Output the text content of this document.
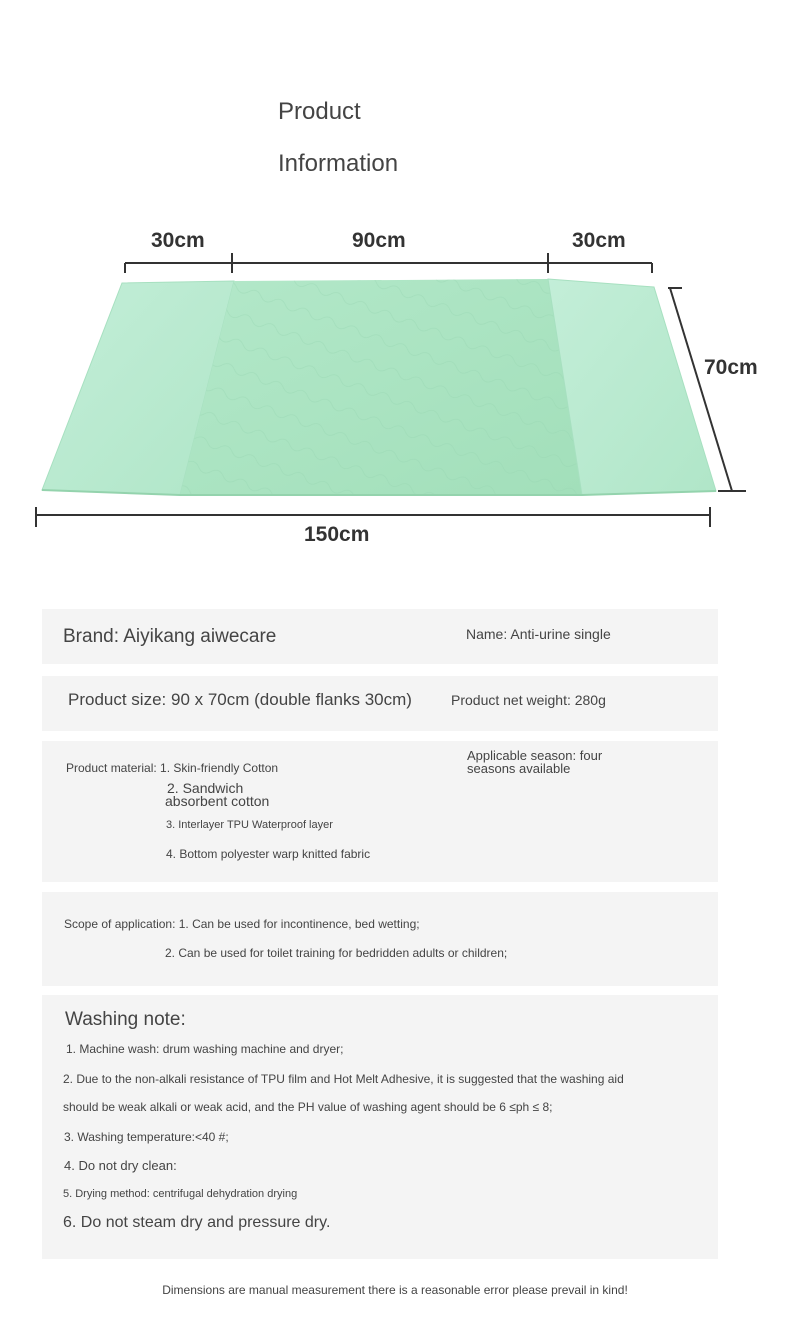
Product
Information
30cm	90cm	30cm
70cm
150cm
Brand: Aiyikang aiwecare	Name: Anti-urine single
Product size: 90 x 70cm (double flanks 30cm)	Product net weight: 280g
Product material: 1. Skin-friendly Cotton
2. Sandwich
absorbent cotton
3. Interlayer TPU Waterproof layer
4. Bottom polyester warp knitted fabric
Applicable season: four
seasons available
Scope of application: 1. Can be used for incontinence, bed wetting;
2. Can be used for toilet training for bedridden adults or children;
Washing note:
1. Machine wash: drum washing machine and dryer;
2. Due to the non-alkali resistance of TPU film and Hot Melt Adhesive, it is suggested that the washing aid
should be weak alkali or weak acid, and the PH value of washing agent should be 6 ≤ph ≤ 8;
3. Washing temperature:<40 #;
4. Do not dry clean:
5. Drying method: centrifugal dehydration drying
6. Do not steam dry and pressure dry.
Dimensions are manual measurement there is a reasonable error please prevail in kind!
